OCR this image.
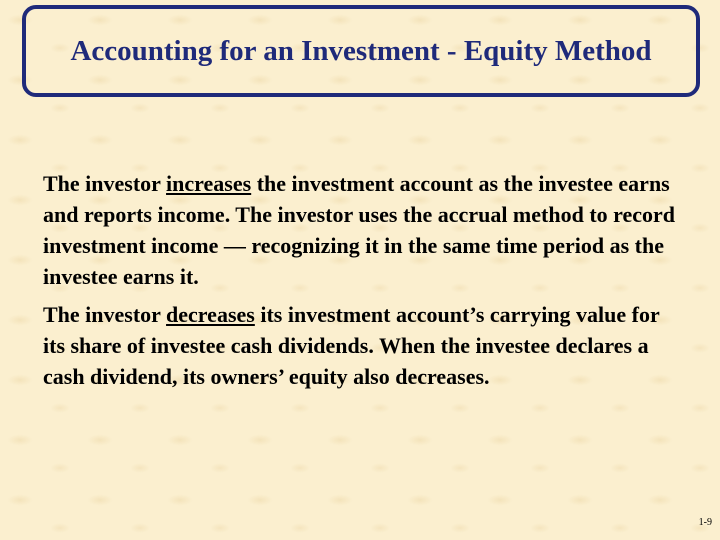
Accounting for an Investment - Equity Method

The investor increases the investment account as the investee earns and reports income. The investor uses the accrual method to record investment income — recognizing it in the same time period as the investee earns it.

The investor decreases its investment account’s carrying value for its share of investee cash dividends. When the investee declares a cash dividend, its owners’ equity also decreases.

1-9
